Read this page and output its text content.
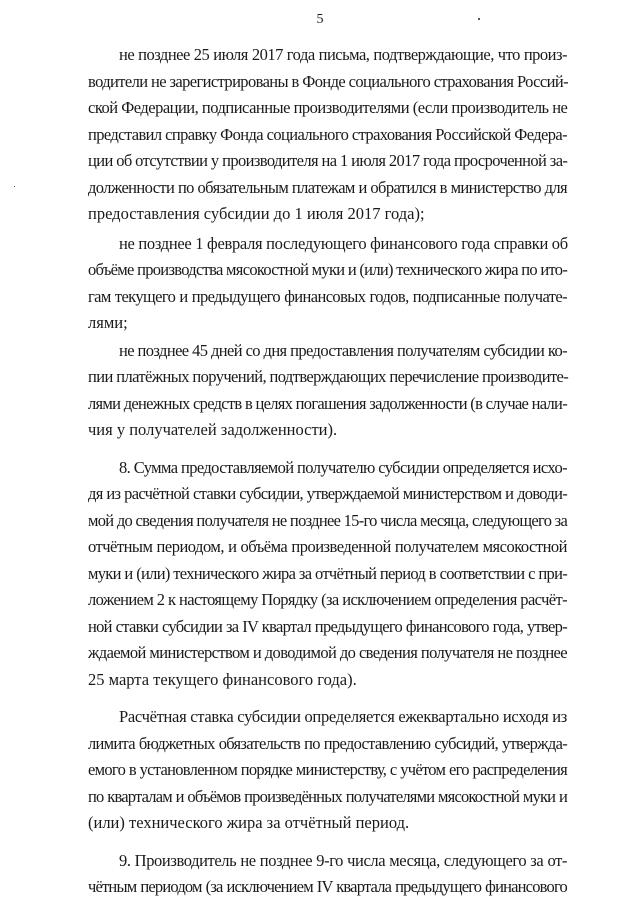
5
не позднее 25 июля 2017 года письма, подтверждающие, что произ-
водители не зарегистрированы в Фонде социального страхования Россий-
ской Федерации, подписанные производителями (если производитель не
представил справку Фонда социального страхования Российской Федера-
ции об отсутствии у производителя на 1 июля 2017 года просроченной за-
долженности по обязательным платежам и обратился в министерство для
предоставления субсидии до 1 июля 2017 года);
не позднее 1 февраля последующего финансового года справки об
объёме производства мясокостной муки и (или) технического жира по ито-
гам текущего и предыдущего финансовых годов, подписанные получате-
лями;
не позднее 45 дней со дня предоставления получателям субсидии ко-
пии платёжных поручений, подтверждающих перечисление производите-
лями денежных средств в целях погашения задолженности (в случае нали-
чия у получателей задолженности).
8. Сумма предоставляемой получателю субсидии определяется исхо-
дя из расчётной ставки субсидии, утверждаемой министерством и доводи-
мой до сведения получателя не позднее 15-го числа месяца, следующего за
отчётным периодом, и объёма произведенной получателем мясокостной
муки и (или) технического жира за отчётный период в соответствии с при-
ложением 2 к настоящему Порядку (за исключением определения расчёт-
ной ставки субсидии за IV квартал предыдущего финансового года, утвер-
ждаемой министерством и доводимой до сведения получателя не позднее
25 марта текущего финансового года).
Расчётная ставка субсидии определяется ежеквартально исходя из
лимита бюджетных обязательств по предоставлению субсидий, утвержда-
емого в установленном порядке министерству, с учётом его распределения
по кварталам и объёмов произведённых получателями мясокостной муки и
(или) технического жира за отчётный период.
9. Производитель не позднее 9-го числа месяца, следующего за от-
чётным периодом (за исключением IV квартала предыдущего финансового
